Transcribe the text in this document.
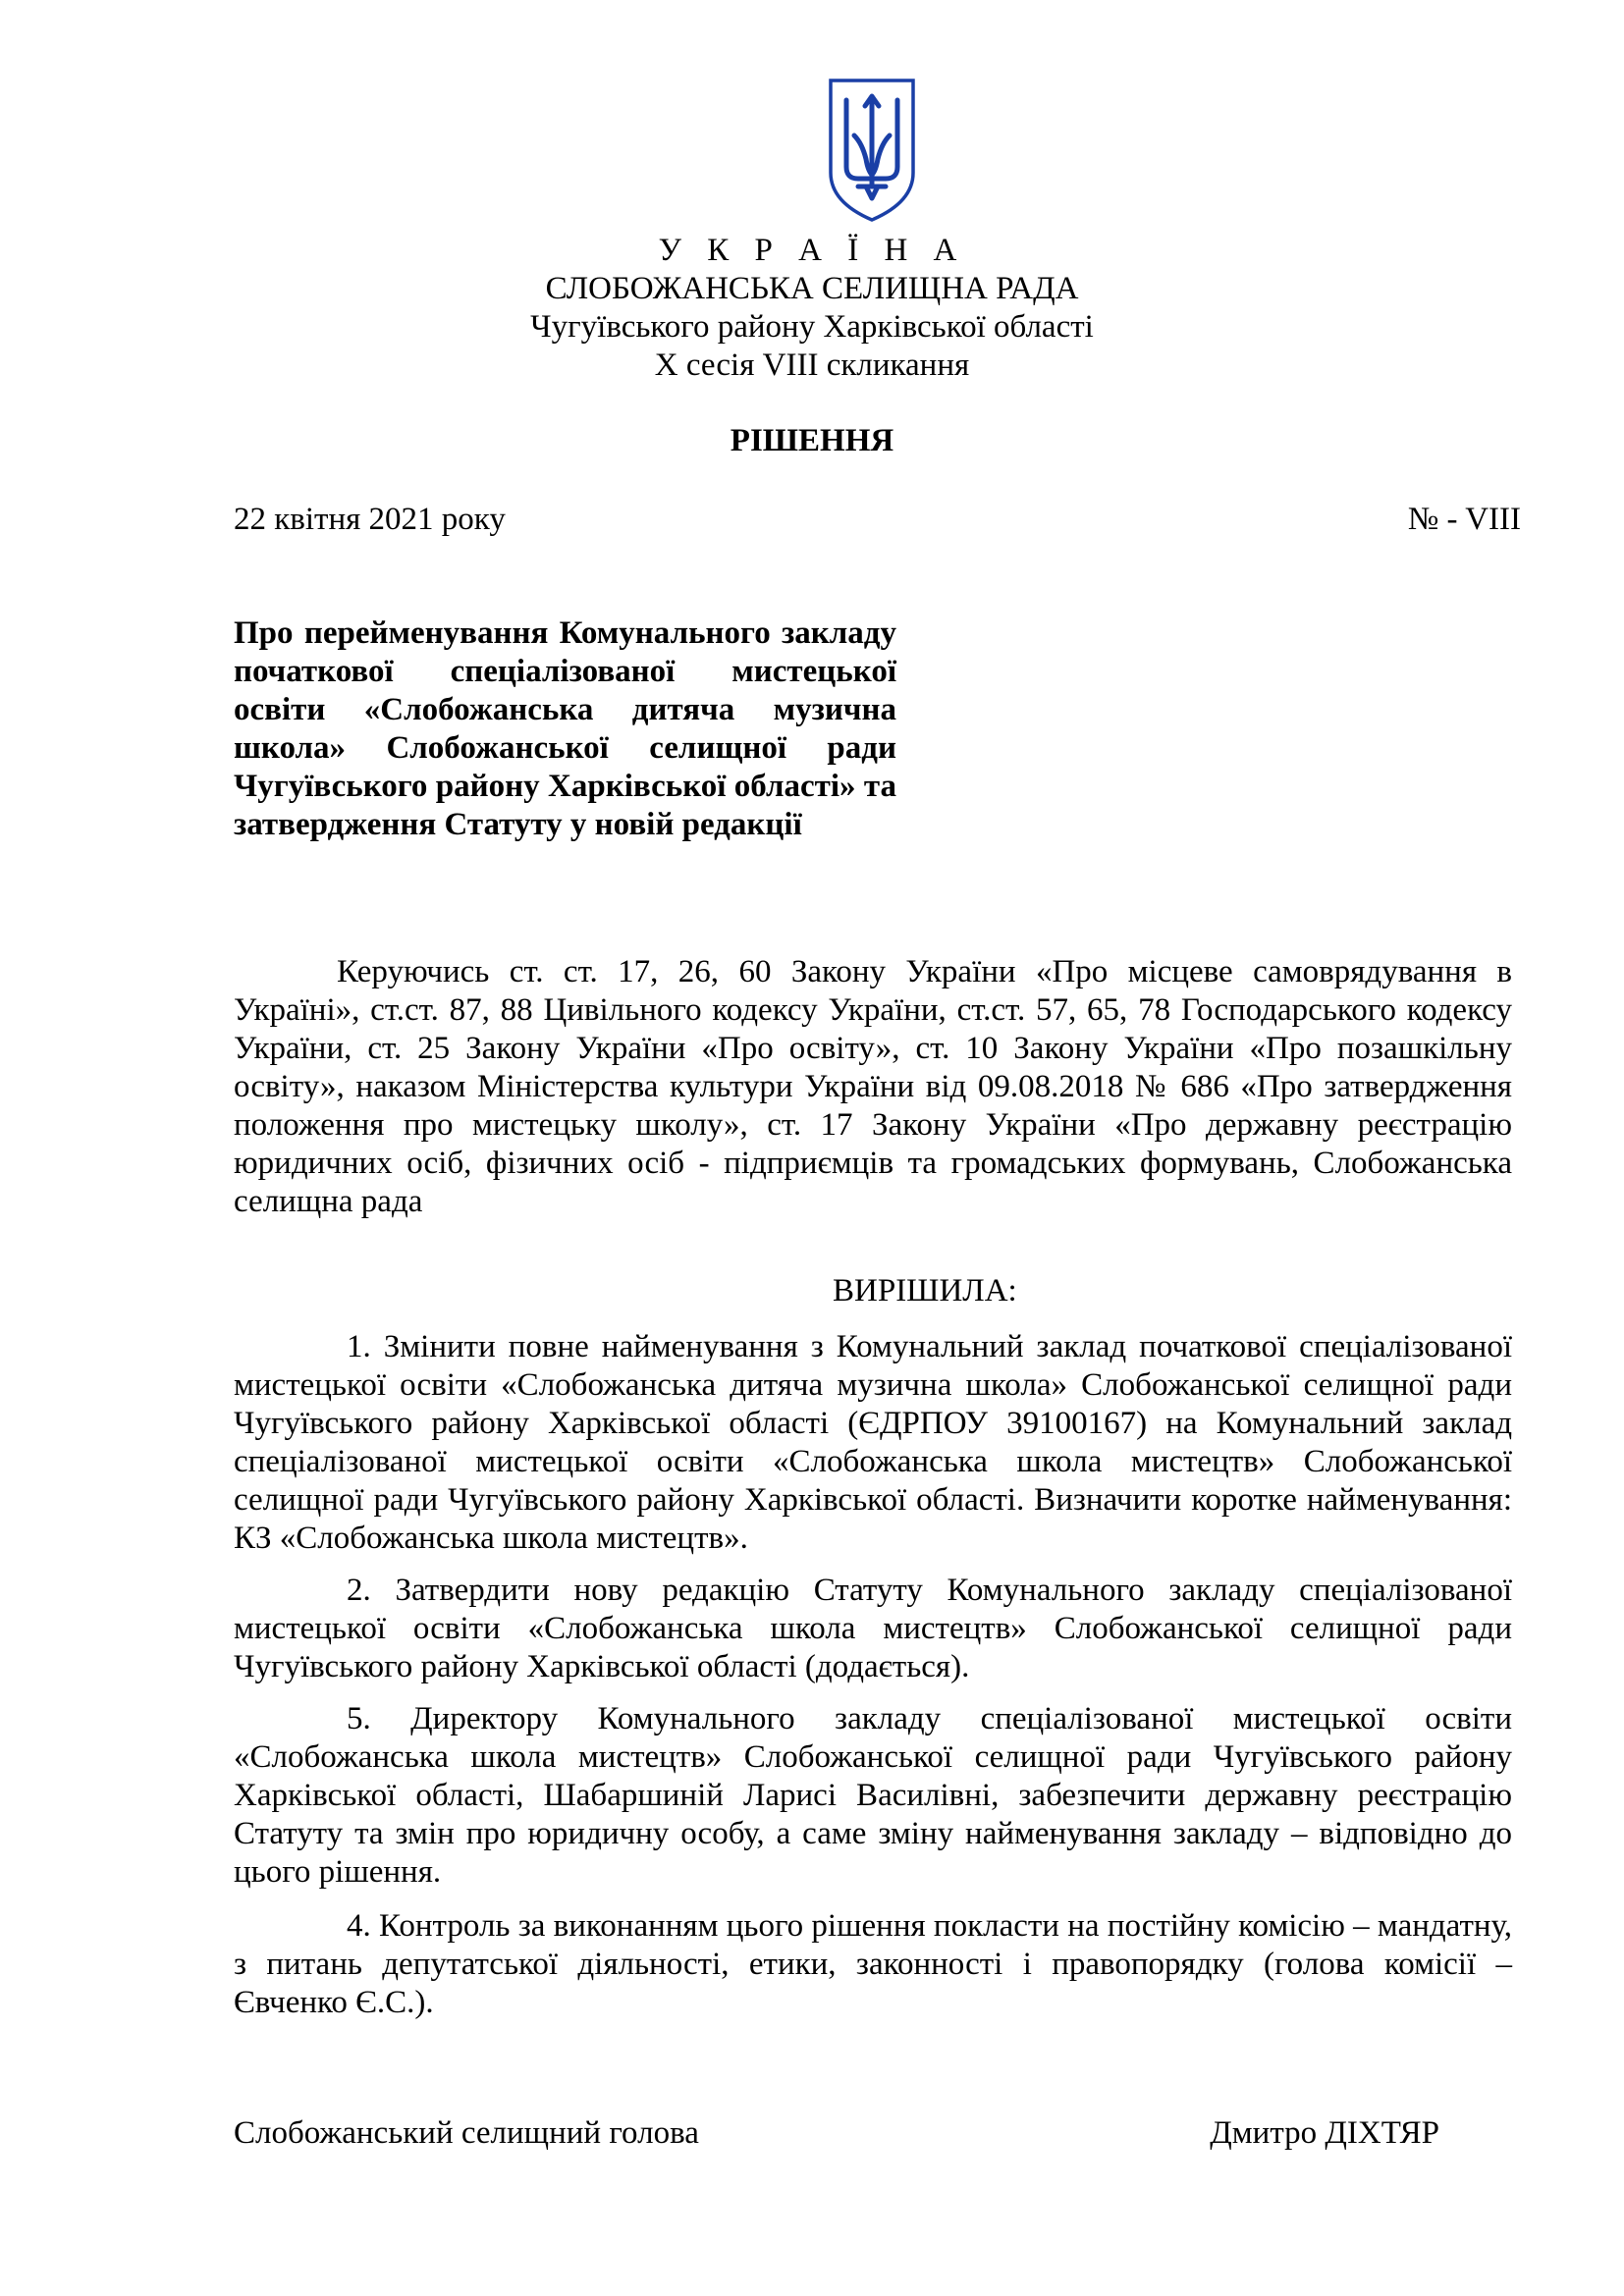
У К Р А Ї Н А
СЛОБОЖАНСЬКА СЕЛИЩНА РАДА
Чугуївського району Харківської області
Х сесія VIII скликання
РІШЕННЯ
22 квітня 2021 року	№ - VIII
Про перейменування Комунального закладу початкової спеціалізованої мистецької освіти «Слобожанська дитяча музична школа» Слобожанської селищної ради Чугуївського району Харківської області» та затвердження Статуту у новій редакції
Керуючись ст. ст. 17, 26, 60 Закону України «Про місцеве самоврядування в Україні», ст.ст. 87, 88 Цивільного кодексу України, ст.ст. 57, 65, 78 Господарського кодексу України, ст. 25 Закону України «Про освіту», ст. 10 Закону України «Про позашкільну освіту», наказом Міністерства культури України від 09.08.2018 № 686 «Про затвердження положення про мистецьку школу», ст. 17 Закону України «Про державну реєстрацію юридичних осіб, фізичних осіб - підприємців та громадських формувань, Слобожанська селищна рада
ВИРІШИЛА:
1. Змінити повне найменування з Комунальний заклад початкової спеціалізованої мистецької освіти «Слобожанська дитяча музична школа» Слобожанської селищної ради Чугуївського району Харківської області (ЄДРПОУ 39100167) на Комунальний заклад спеціалізованої мистецької освіти «Слобожанська школа мистецтв» Слобожанської селищної ради Чугуївського району Харківської області. Визначити коротке найменування: КЗ «Слобожанська школа мистецтв».
2. Затвердити нову редакцію Статуту Комунального закладу спеціалізованої мистецької освіти «Слобожанська школа мистецтв» Слобожанської селищної ради Чугуївського району Харківської області (додається).
5. Директору Комунального закладу спеціалізованої мистецької освіти «Слобожанська школа мистецтв» Слобожанської селищної ради Чугуївського району Харківської області, Шабаршиній Ларисі Василівні, забезпечити державну реєстрацію Статуту та змін про юридичну особу, а саме зміну найменування закладу – відповідно до цього рішення.
4. Контроль за виконанням цього рішення покласти на постійну комісію – мандатну, з питань депутатської діяльності, етики, законності і правопорядку (голова комісії – Євченко Є.С.).
Слобожанський селищний голова	Дмитро ДІХТЯР
